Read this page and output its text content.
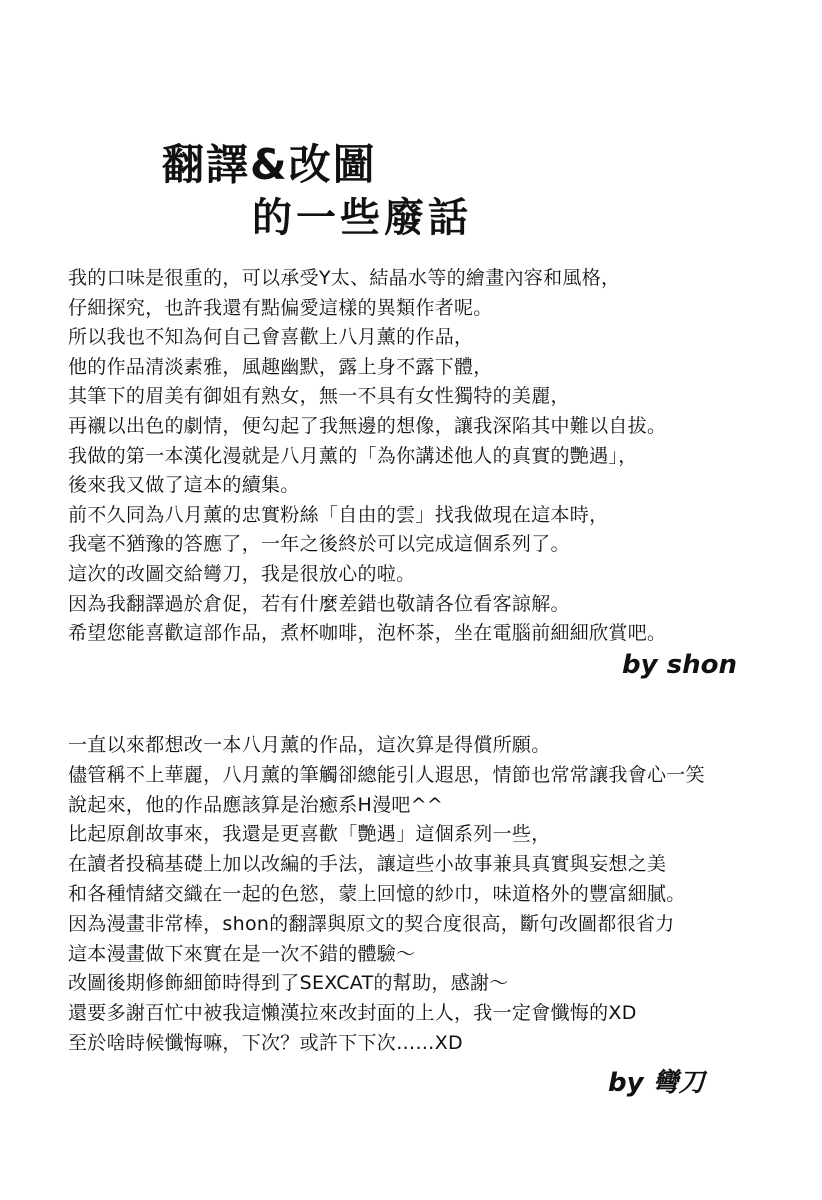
翻譯&改圖
的一些廢話
我的口味是很重的，可以承受Y太、結晶水等的繪畫內容和風格，
仔細探究，也許我還有點偏愛這樣的異類作者呢。
所以我也不知為何自己會喜歡上八月薰的作品，
他的作品清淡素雅，風趣幽默，露上身不露下體，
其筆下的眉美有御姐有熟女，無一不具有女性獨特的美麗，
再襯以出色的劇情，便勾起了我無邊的想像，讓我深陷其中難以自拔。
我做的第一本漢化漫就是八月薰的「為你講述他人的真實的艷遇」，
後來我又做了這本的續集。
前不久同為八月薰的忠實粉絲「自由的雲」找我做現在這本時，
我毫不猶豫的答應了，一年之後終於可以完成這個系列了。
這次的改圖交給彎刀，我是很放心的啦。
因為我翻譯過於倉促，若有什麼差錯也敬請各位看客諒解。
希望您能喜歡這部作品，煮杯咖啡，泡杯茶，坐在電腦前細細欣賞吧。
by shon
一直以來都想改一本八月薰的作品，這次算是得償所願。
儘管稱不上華麗，八月薰的筆觸卻總能引人遐思，情節也常常讓我會心一笑
說起來，他的作品應該算是治癒系H漫吧^^
比起原創故事來，我還是更喜歡「艷遇」這個系列一些，
在讀者投稿基礎上加以改編的手法，讓這些小故事兼具真實與妄想之美
和各種情緒交織在一起的色慾，蒙上回憶的紗巾，味道格外的豐富細膩。
因為漫畫非常棒，shon的翻譯與原文的契合度很高，斷句改圖都很省力
這本漫畫做下來實在是一次不錯的體驗～
改圖後期修飾細節時得到了SEXCAT的幫助，感謝～
還要多謝百忙中被我這懶漢拉來改封面的上人，我一定會懺悔的XD
至於啥時候懺悔嘛，下次？或許下下次……XD
by 彎刀
